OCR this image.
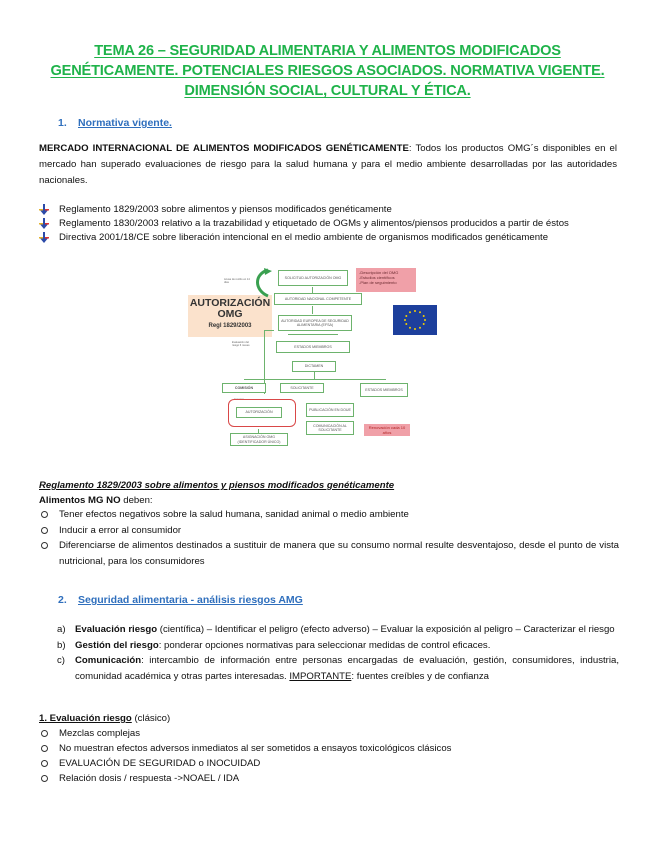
TEMA 26 – SEGURIDAD ALIMENTARIA Y ALIMENTOS MODIFICADOS
GENÉTICAMENTE. POTENCIALES RIESGOS ASOCIADOS. NORMATIVA VIGENTE.
DIMENSIÓN SOCIAL, CULTURAL Y ÉTICA.
1. Normativa vigente.
MERCADO INTERNACIONAL DE ALIMENTOS MODIFICADOS GENÉTICAMENTE: Todos los productos OMG´s disponibles en el mercado han superado evaluaciones de riesgo para la salud humana y para el medio ambiente desarrolladas por las autoridades nacionales.
Reglamento 1829/2003 sobre alimentos y piensos modificados genéticamente
Reglamento 1830/2003 relativo a la trazabilidad y etiquetado de OGMs y alimentos/piensos producidos a partir de éstos
Directiva 2001/18/CE sobre liberación intencional en el medio ambiente de organismos modificados genéticamente
AUTORIZACIÓN OMG
Regl 1829/2003
Acuse de recibo en 14 días
Evaluación del riesgo 6 meses
SOLICITUD AUTORIZACIÓN OMG
-Descripción del OMG
-Estudios científicos
-Plan de seguimiento
AUTORIDAD NACIONAL COMPETENTE
AUTORIDAD EUROPEA DE SEGURIDAD ALIMENTARIA (EFSA)
ESTADOS MIEMBROS
DICTAMEN
COMISIÓN	SOLICITANTE	ESTADOS MIEMBROS
3 meses
AUTORIZACIÓN
PUBLICACIÓN EN DOUE
COMUNICACIÓN AL SOLICITANTE	Renovación cada 10 años
ASIGNACIÓN OMG (IDENTIFICADOR ÚNICO)
Reglamento 1829/2003 sobre alimentos y piensos modificados genéticamente
Alimentos MG NO deben:
Tener efectos negativos sobre la salud humana, sanidad animal o medio ambiente
Inducir a error al consumidor
Diferenciarse de alimentos destinados a sustituir de manera que su consumo normal resulte desventajoso, desde el punto de vista nutricional, para los consumidores
2. Seguridad alimentaria - análisis riesgos AMG
a) Evaluación riesgo (científica) – Identificar el peligro (efecto adverso) – Evaluar la exposición al peligro – Caracterizar el riesgo
b) Gestión del riesgo: ponderar opciones normativas para seleccionar medidas de control eficaces.
c) Comunicación: intercambio de información entre personas encargadas de evaluación, gestión, consumidores, industria, comunidad académica y otras partes interesadas. IMPORTANTE: fuentes creíbles y de confianza
1. Evaluación riesgo (clásico)
Mezclas complejas
No muestran efectos adversos inmediatos al ser sometidos a ensayos toxicológicos clásicos
EVALUACIÓN DE SEGURIDAD o INOCUIDAD
Relación dosis / respuesta ->NOAEL / IDA
